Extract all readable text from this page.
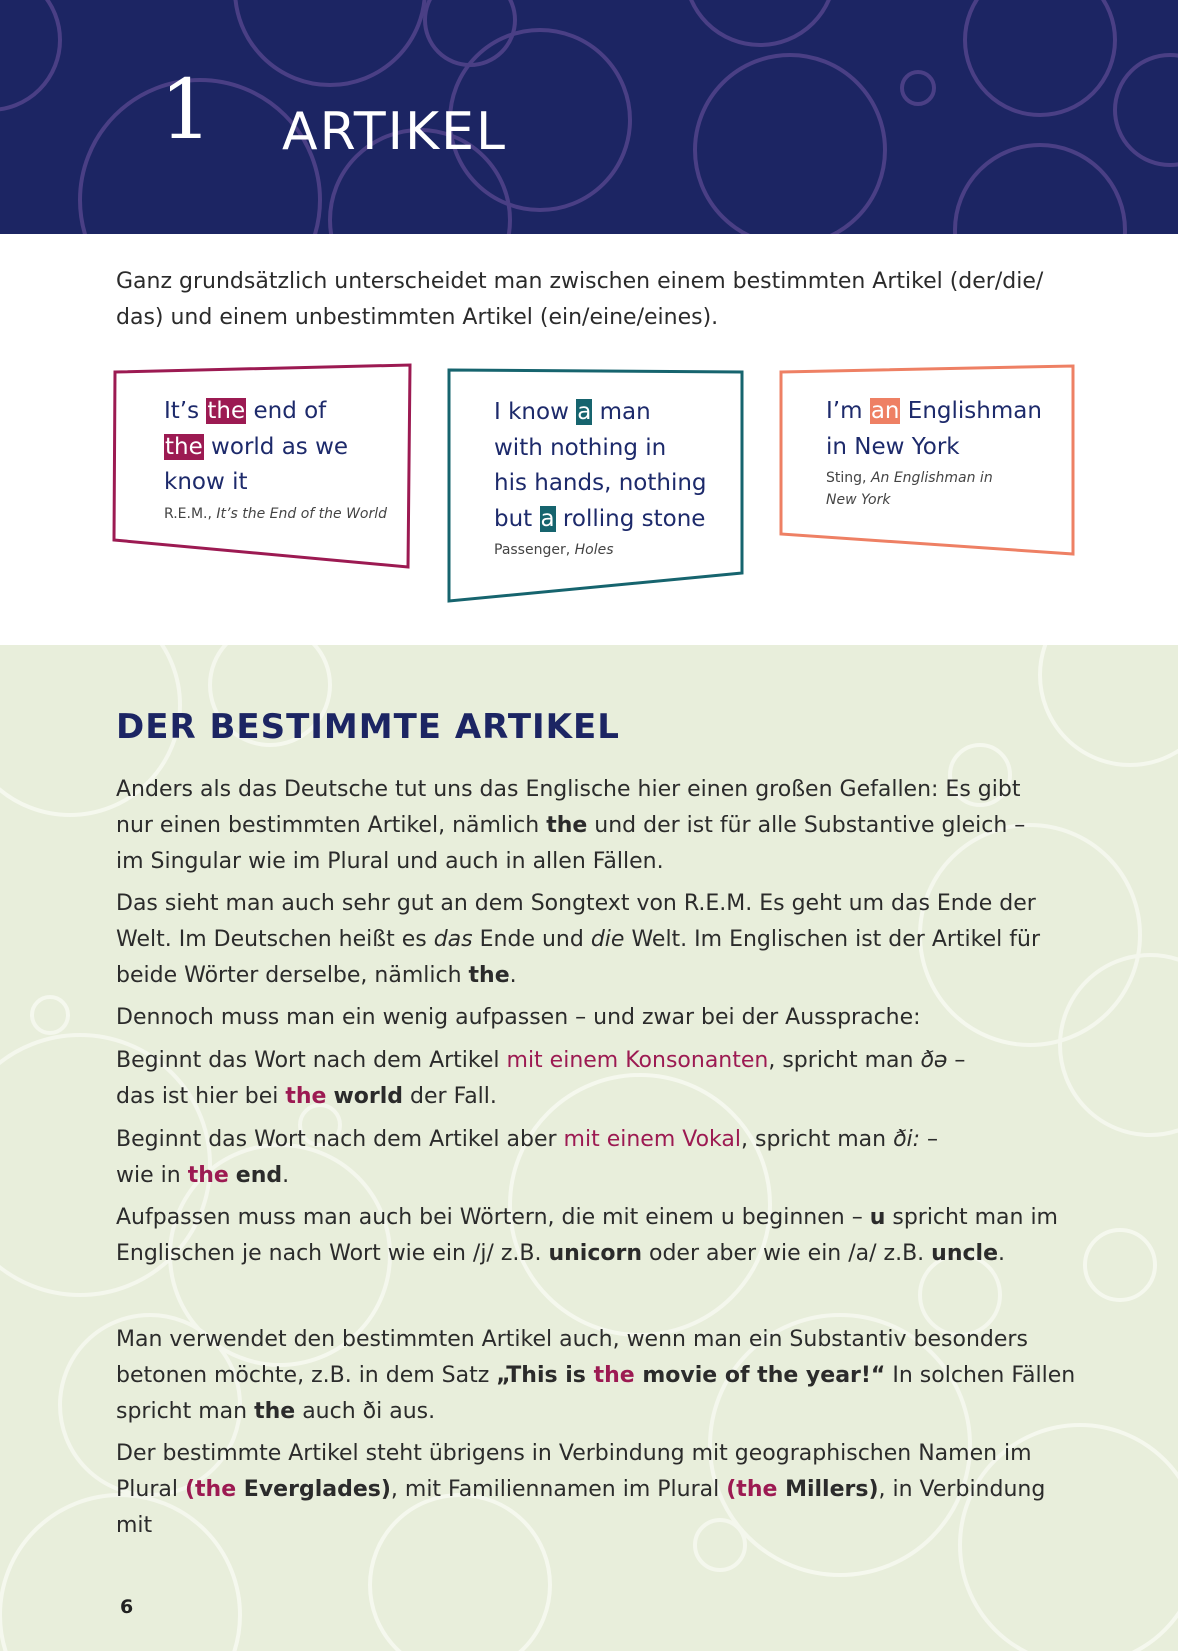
1 ARTIKEL
Ganz grundsätzlich unterscheidet man zwischen einem bestimmten Artikel (der/die/
das) und einem unbestimmten Artikel (ein/eine/eines).
It’s the end of
the world as we
know it
R.E.M., It’s the End of the World
I know a man
with nothing in
his hands, nothing
but a rolling stone
Passenger, Holes
I’m an Englishman
in New York
Sting, An Englishman in
New York
DER BESTIMMTE ARTIKEL
Anders als das Deutsche tut uns das Englische hier einen großen Gefallen: Es gibt
nur einen bestimmten Artikel, nämlich the und der ist für alle Substantive gleich –
im Singular wie im Plural und auch in allen Fällen.
Das sieht man auch sehr gut an dem Songtext von R.E.M. Es geht um das Ende der
Welt. Im Deutschen heißt es das Ende und die Welt. Im Englischen ist der Artikel für
beide Wörter derselbe, nämlich the.
Dennoch muss man ein wenig aufpassen – und zwar bei der Aussprache:
Beginnt das Wort nach dem Artikel mit einem Konsonanten, spricht man ðə –
das ist hier bei the world der Fall.
Beginnt das Wort nach dem Artikel aber mit einem Vokal, spricht man ði: –
wie in the end.
Aufpassen muss man auch bei Wörtern, die mit einem u beginnen – u spricht man im
Englischen je nach Wort wie ein /j/ z.B. unicorn oder aber wie ein /a/ z.B. uncle.
Man verwendet den bestimmten Artikel auch, wenn man ein Substantiv besonders
betonen möchte, z.B. in dem Satz „This is the movie of the year!“ In solchen Fällen
spricht man the auch ði aus.
Der bestimmte Artikel steht übrigens in Verbindung mit geographischen Namen im
Plural (the Everglades), mit Familiennamen im Plural (the Millers), in Verbindung mit
6
